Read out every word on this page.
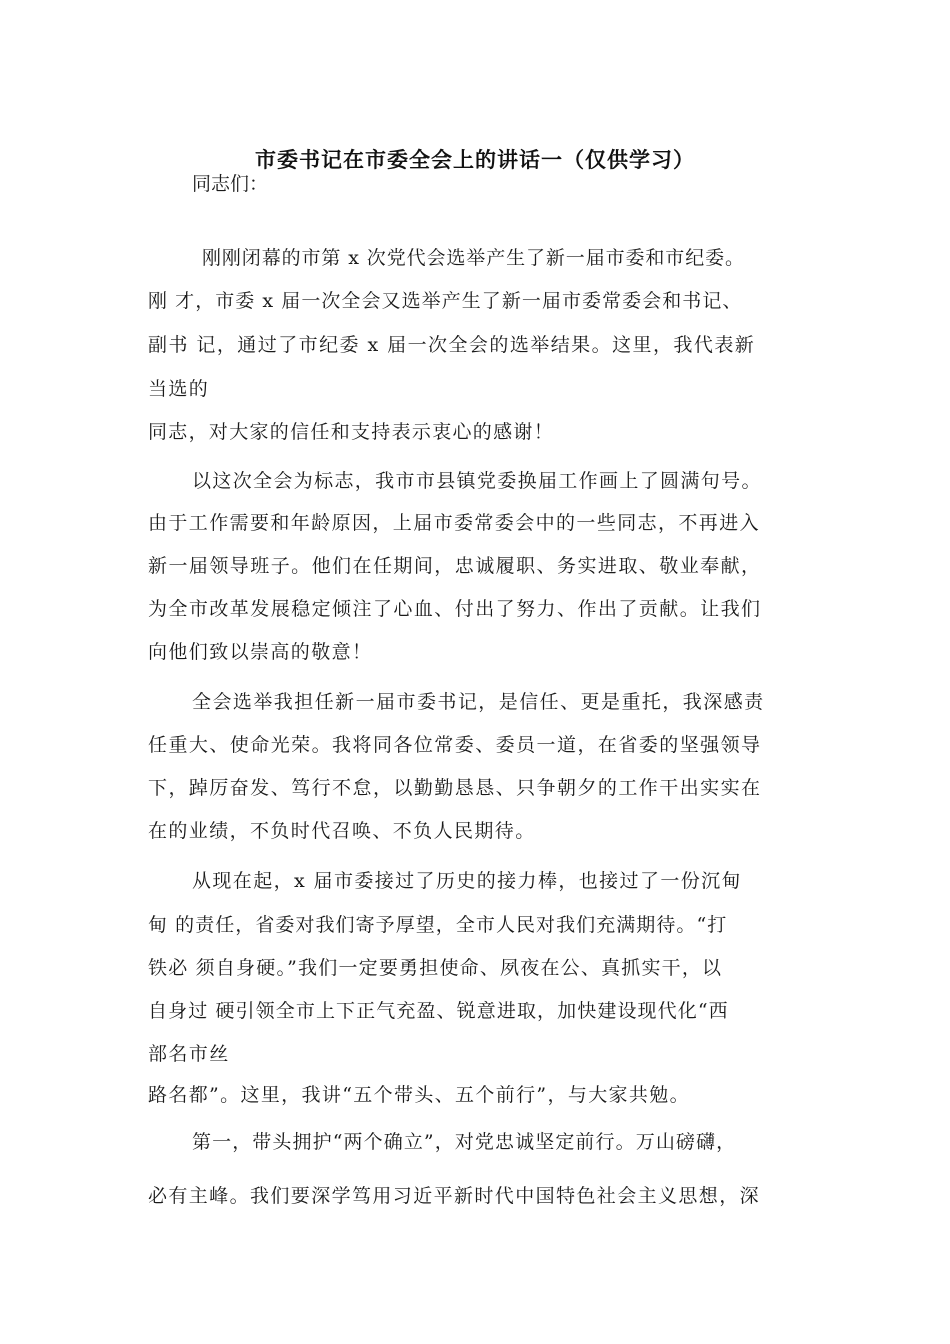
市委书记在市委全会上的讲话一（仅供学习）
同志们：
刚刚闭幕的市第 x 次党代会选举产生了新一届市委和市纪委。
刚 才，市委 x 届一次全会又选举产生了新一届市委常委会和书记、
副书 记，通过了市纪委 x 届一次全会的选举结果。这里，我代表新
当选的
同志，对大家的信任和支持表示衷心的感谢！
以这次全会为标志，我市市县镇党委换届工作画上了圆满句号。
由于工作需要和年龄原因，上届市委常委会中的一些同志，不再进入
新一届领导班子。他们在任期间，忠诚履职、务实进取、敬业奉献，
为全市改革发展稳定倾注了心血、付出了努力、作出了贡献。让我们
向他们致以崇高的敬意！
全会选举我担任新一届市委书记，是信任、更是重托，我深感责
任重大、使命光荣。我将同各位常委、委员一道，在省委的坚强领导
下，踔厉奋发、笃行不怠，以勤勤恳恳、只争朝夕的工作干出实实在
在的业绩，不负时代召唤、不负人民期待。
从现在起，x 届市委接过了历史的接力棒，也接过了一份沉甸
甸 的责任，省委对我们寄予厚望，全市人民对我们充满期待。“打
铁必 须自身硬。”我们一定要勇担使命、夙夜在公、真抓实干，以
自身过 硬引领全市上下正气充盈、锐意进取，加快建设现代化“西
部名市丝
路名都”。这里，我讲“五个带头、五个前行”，与大家共勉。
第一，带头拥护“两个确立”，对党忠诚坚定前行。万山磅礴，
必有主峰。我们要深学笃用习近平新时代中国特色社会主义思想，深
